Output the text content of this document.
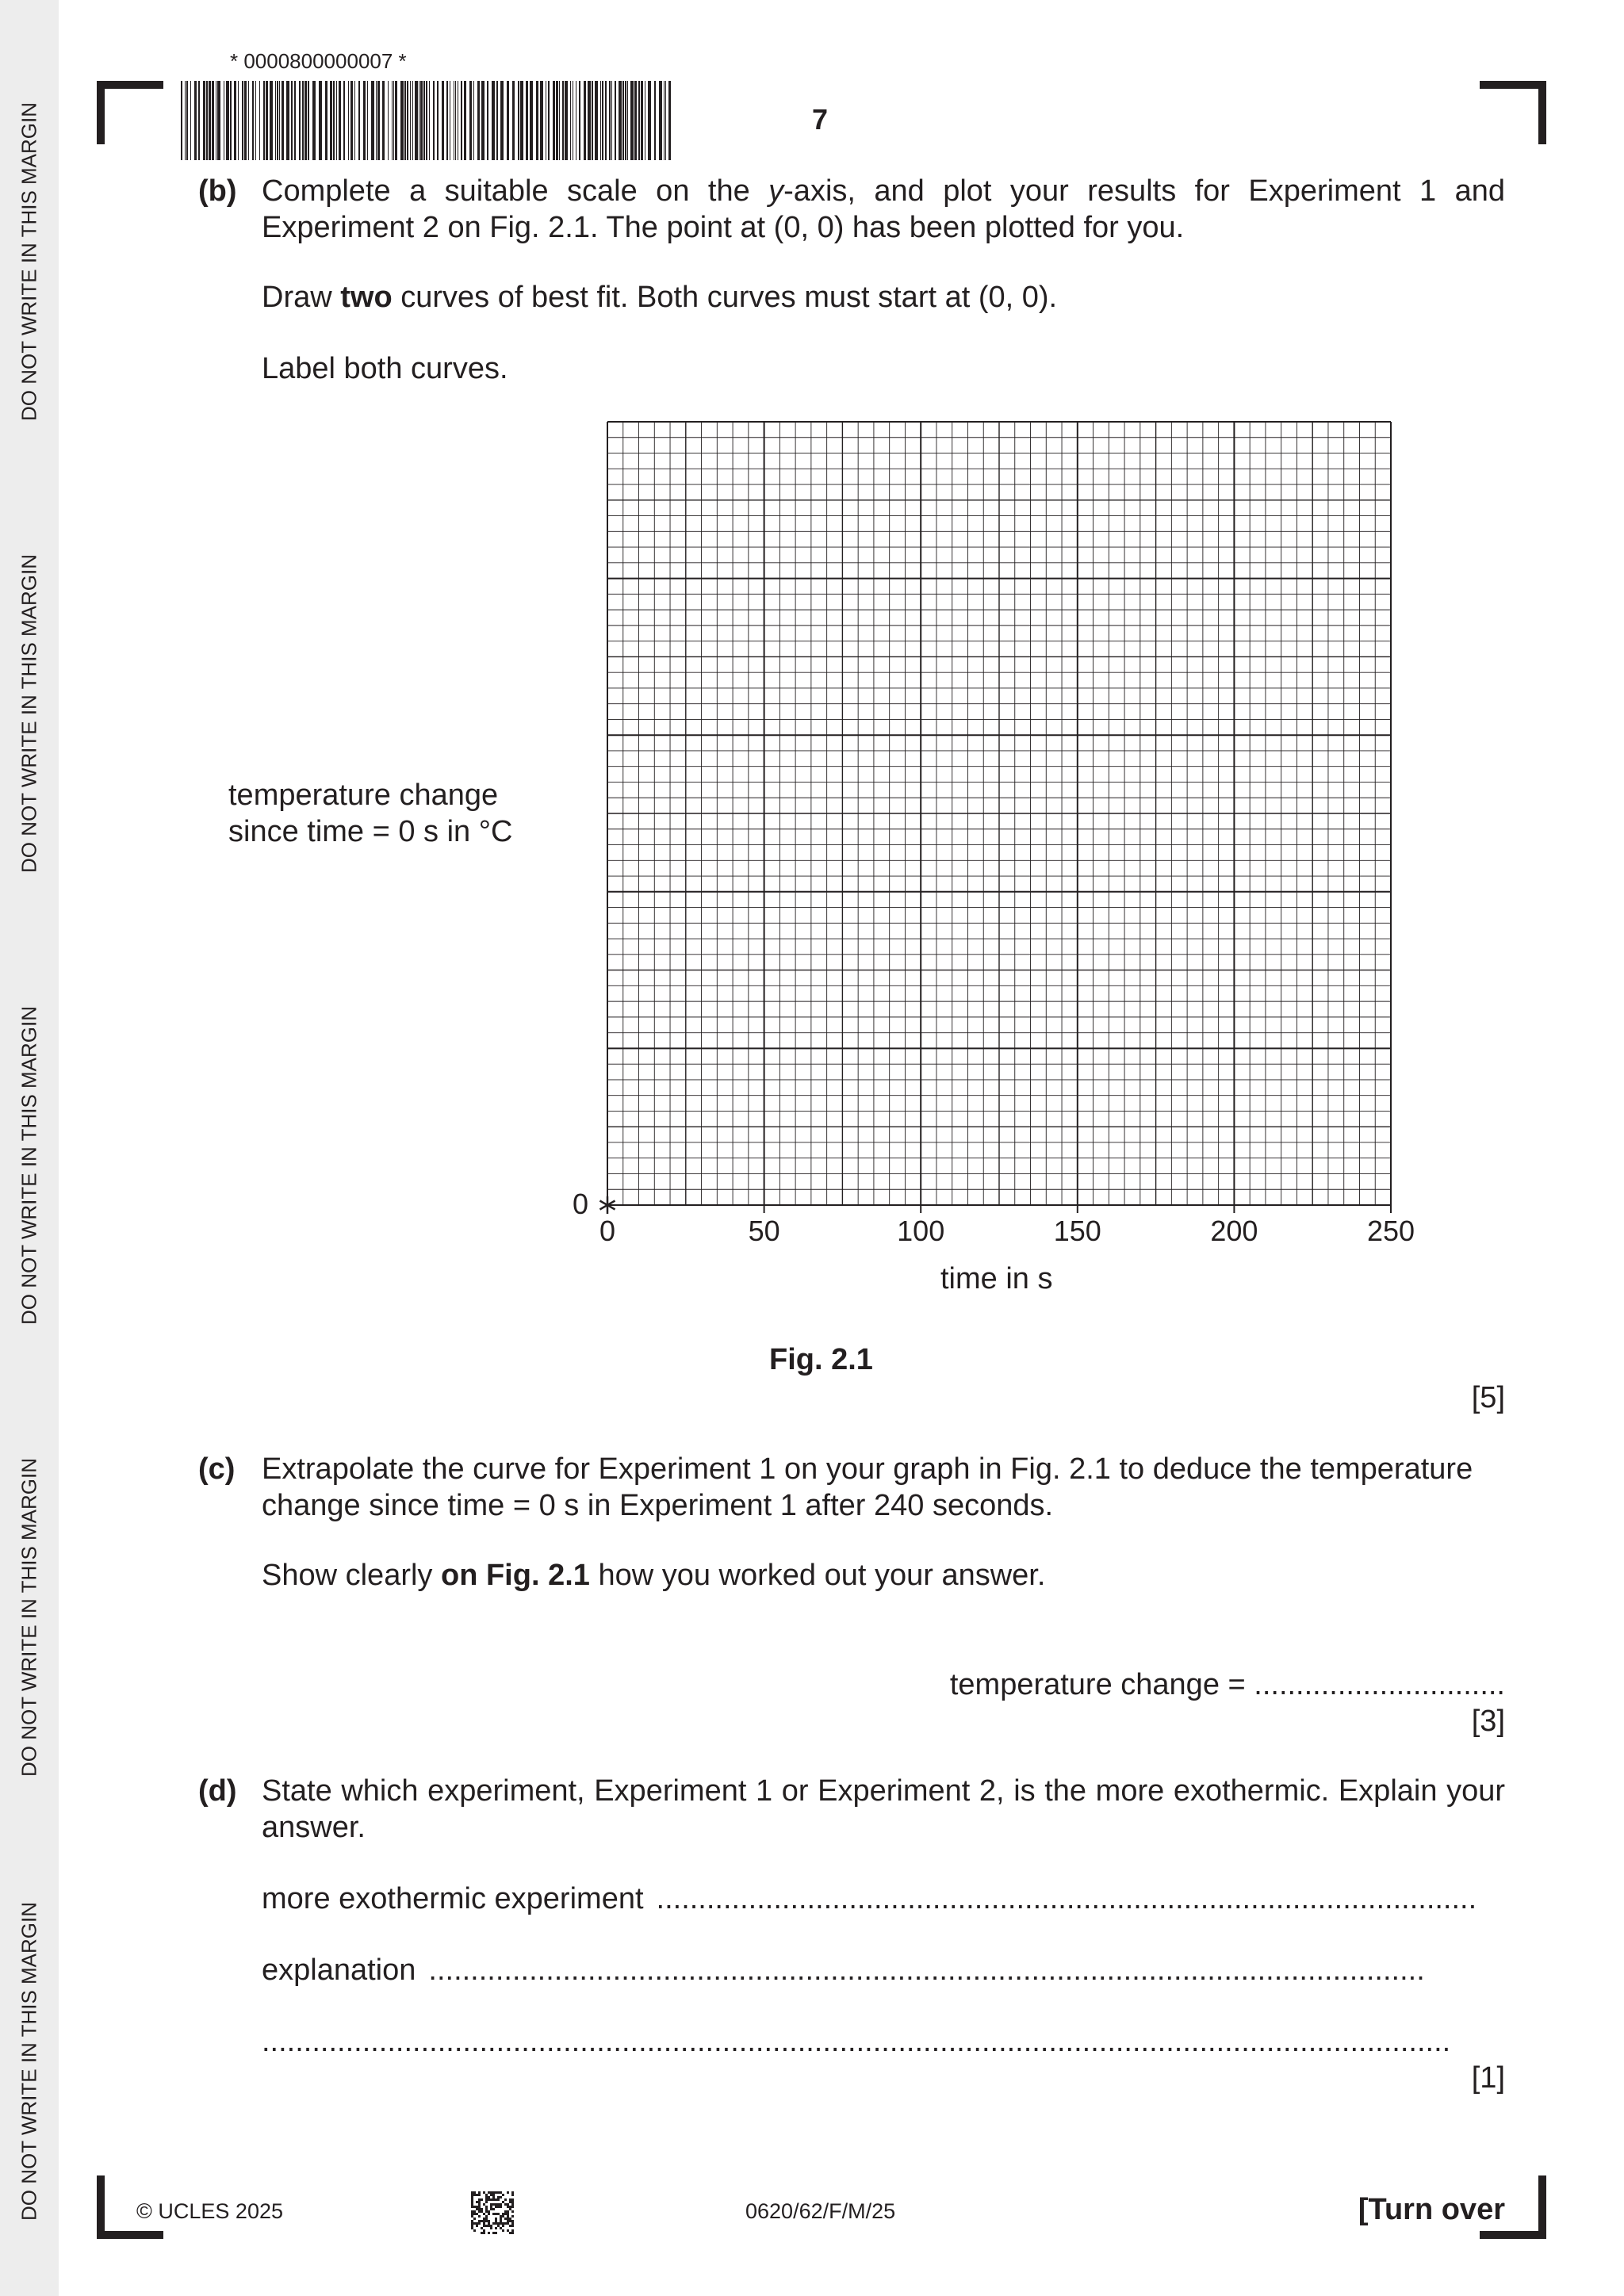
DO NOT WRITE IN THIS MARGIN
DO NOT WRITE IN THIS MARGIN
DO NOT WRITE IN THIS MARGIN
DO NOT WRITE IN THIS MARGIN
DO NOT WRITE IN THIS MARGIN
* 0000800000007 *
7
(b) Complete a suitable scale on the y-axis, and plot your results for Experiment 1 and
Experiment 2 on Fig. 2.1. The point at (0, 0) has been plotted for you.
Draw two curves of best fit. Both curves must start at (0, 0).
Label both curves.
temperature change
since time = 0 s in °C
0
0	50	100	150	200	250
time in s
Fig. 2.1
[5]
(c) Extrapolate the curve for Experiment 1 on your graph in Fig. 2.1 to deduce the temperature
change since time = 0 s in Experiment 1 after 240 seconds.
Show clearly on Fig. 2.1 how you worked out your answer.
temperature change = ..............................
[3]
(d) State which experiment, Experiment 1 or Experiment 2, is the more exothermic. Explain your
answer.
more exothermic experiment ..................................................................................................
explanation .......................................................................................................................
..............................................................................................................................................
[1]
© UCLES 2025	0620/62/F/M/25	[Turn over
